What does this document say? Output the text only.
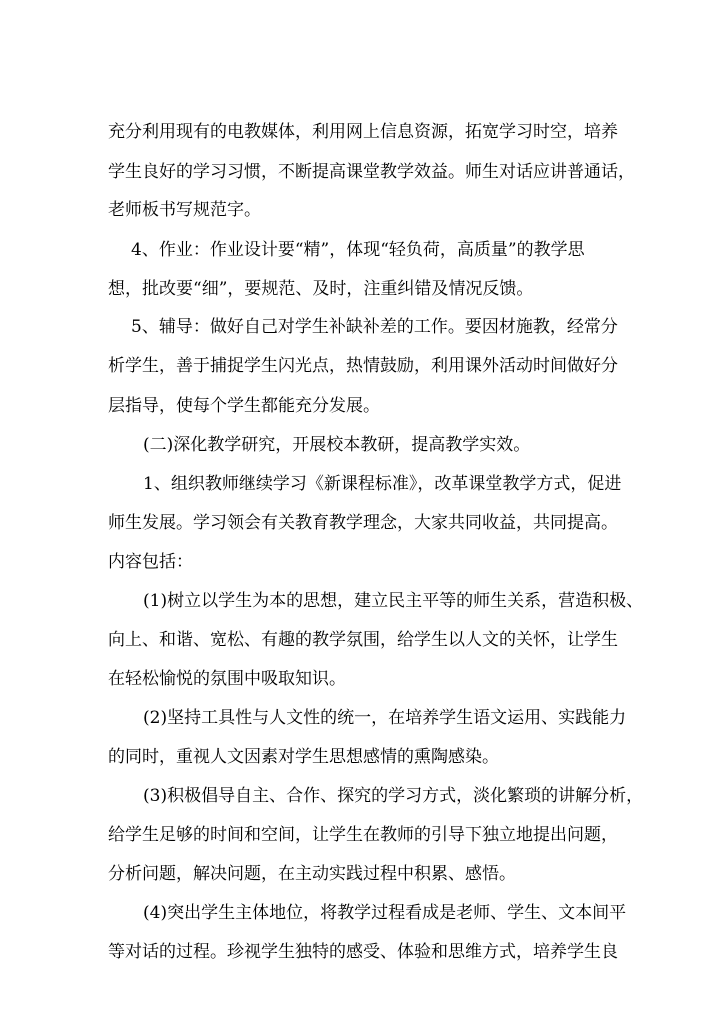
充分利用现有的电教媒体，利用网上信息资源，拓宽学习时空，培养

学生良好的学习习惯，不断提高课堂教学效益。师生对话应讲普通话，

老师板书写规范字。

4、作业：作业设计要“精”，体现“轻负荷，高质量”的教学思

想，批改要“细”，要规范、及时，注重纠错及情况反馈。

5、辅导：做好自己对学生补缺补差的工作。要因材施教，经常分

析学生，善于捕捉学生闪光点，热情鼓励，利用课外活动时间做好分

层指导，使每个学生都能充分发展。

(二)深化教学研究，开展校本教研，提高教学实效。

1、组织教师继续学习《新课程标准》，改革课堂教学方式，促进

师生发展。学习领会有关教育教学理念，大家共同收益，共同提高。

内容包括：

(1)树立以学生为本的思想，建立民主平等的师生关系，营造积极、

向上、和谐、宽松、有趣的教学氛围，给学生以人文的关怀，让学生

在轻松愉悦的氛围中吸取知识。

(2)坚持工具性与人文性的统一，在培养学生语文运用、实践能力

的同时，重视人文因素对学生思想感情的熏陶感染。

(3)积极倡导自主、合作、探究的学习方式，淡化繁琐的讲解分析，

给学生足够的时间和空间，让学生在教师的引导下独立地提出问题，

分析问题，解决问题，在主动实践过程中积累、感悟。

(4)突出学生主体地位，将教学过程看成是老师、学生、文本间平

等对话的过程。珍视学生独特的感受、体验和思维方式，培养学生良
